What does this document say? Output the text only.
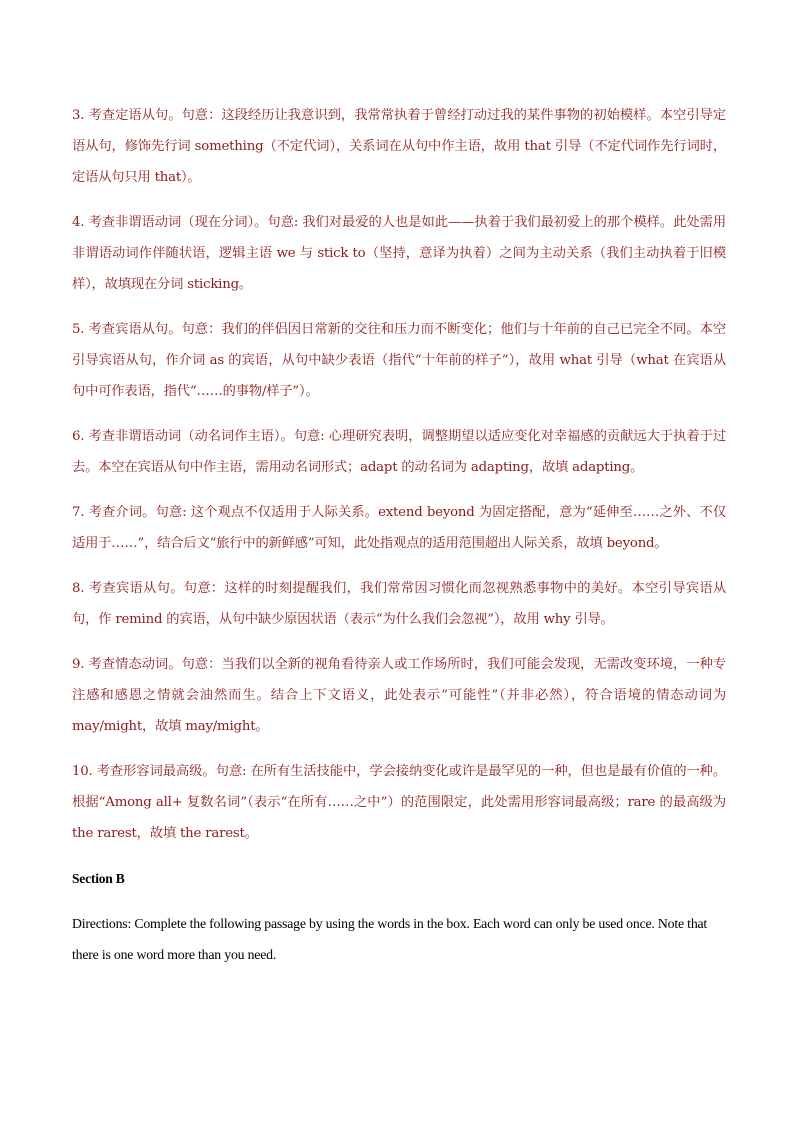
3. 考查定语从句。句意：这段经历让我意识到，我常常执着于曾经打动过我的某件事物的初始模样。本空引导定语从句，修饰先行词 something（不定代词），关系词在从句中作主语，故用 that 引导（不定代词作先行词时，定语从句只用 that）。

4. 考查非谓语动词（现在分词）。句意: 我们对最爱的人也是如此——执着于我们最初爱上的那个模样。此处需用非谓语动词作伴随状语，逻辑主语 we 与 stick to（坚持，意译为执着）之间为主动关系（我们主动执着于旧模样），故填现在分词 sticking。

5. 考查宾语从句。句意：我们的伴侣因日常新的交往和压力而不断变化；他们与十年前的自己已完全不同。本空引导宾语从句，作介词 as 的宾语，从句中缺少表语（指代“十年前的样子”），故用 what 引导（what 在宾语从句中可作表语，指代“……的事物/样子”）。

6. 考查非谓语动词（动名词作主语）。句意: 心理研究表明，调整期望以适应变化对幸福感的贡献远大于执着于过去。本空在宾语从句中作主语，需用动名词形式；adapt 的动名词为 adapting，故填 adapting。

7. 考查介词。句意: 这个观点不仅适用于人际关系。extend beyond 为固定搭配，意为“延伸至……之外、不仅适用于……”，结合后文“旅行中的新鲜感”可知，此处指观点的适用范围超出人际关系，故填 beyond。

8. 考查宾语从句。句意：这样的时刻提醒我们，我们常常因习惯化而忽视熟悉事物中的美好。本空引导宾语从句，作 remind 的宾语，从句中缺少原因状语（表示“为什么我们会忽视”），故用 why 引导。

9. 考查情态动词。句意：当我们以全新的视角看待亲人或工作场所时，我们可能会发现，无需改变环境，一种专注感和感恩之情就会油然而生。结合上下文语义，此处表示“可能性”（并非必然），符合语境的情态动词为 may/might，故填 may/might。

10. 考查形容词最高级。句意: 在所有生活技能中，学会接纳变化或许是最罕见的一种，但也是最有价值的一种。根据“Among all+ 复数名词”（表示“在所有……之中”）的范围限定，此处需用形容词最高级；rare 的最高级为 the rarest，故填 the rarest。

Section B

Directions: Complete the following passage by using the words in the box. Each word can only be used once. Note that there is one word more than you need.
